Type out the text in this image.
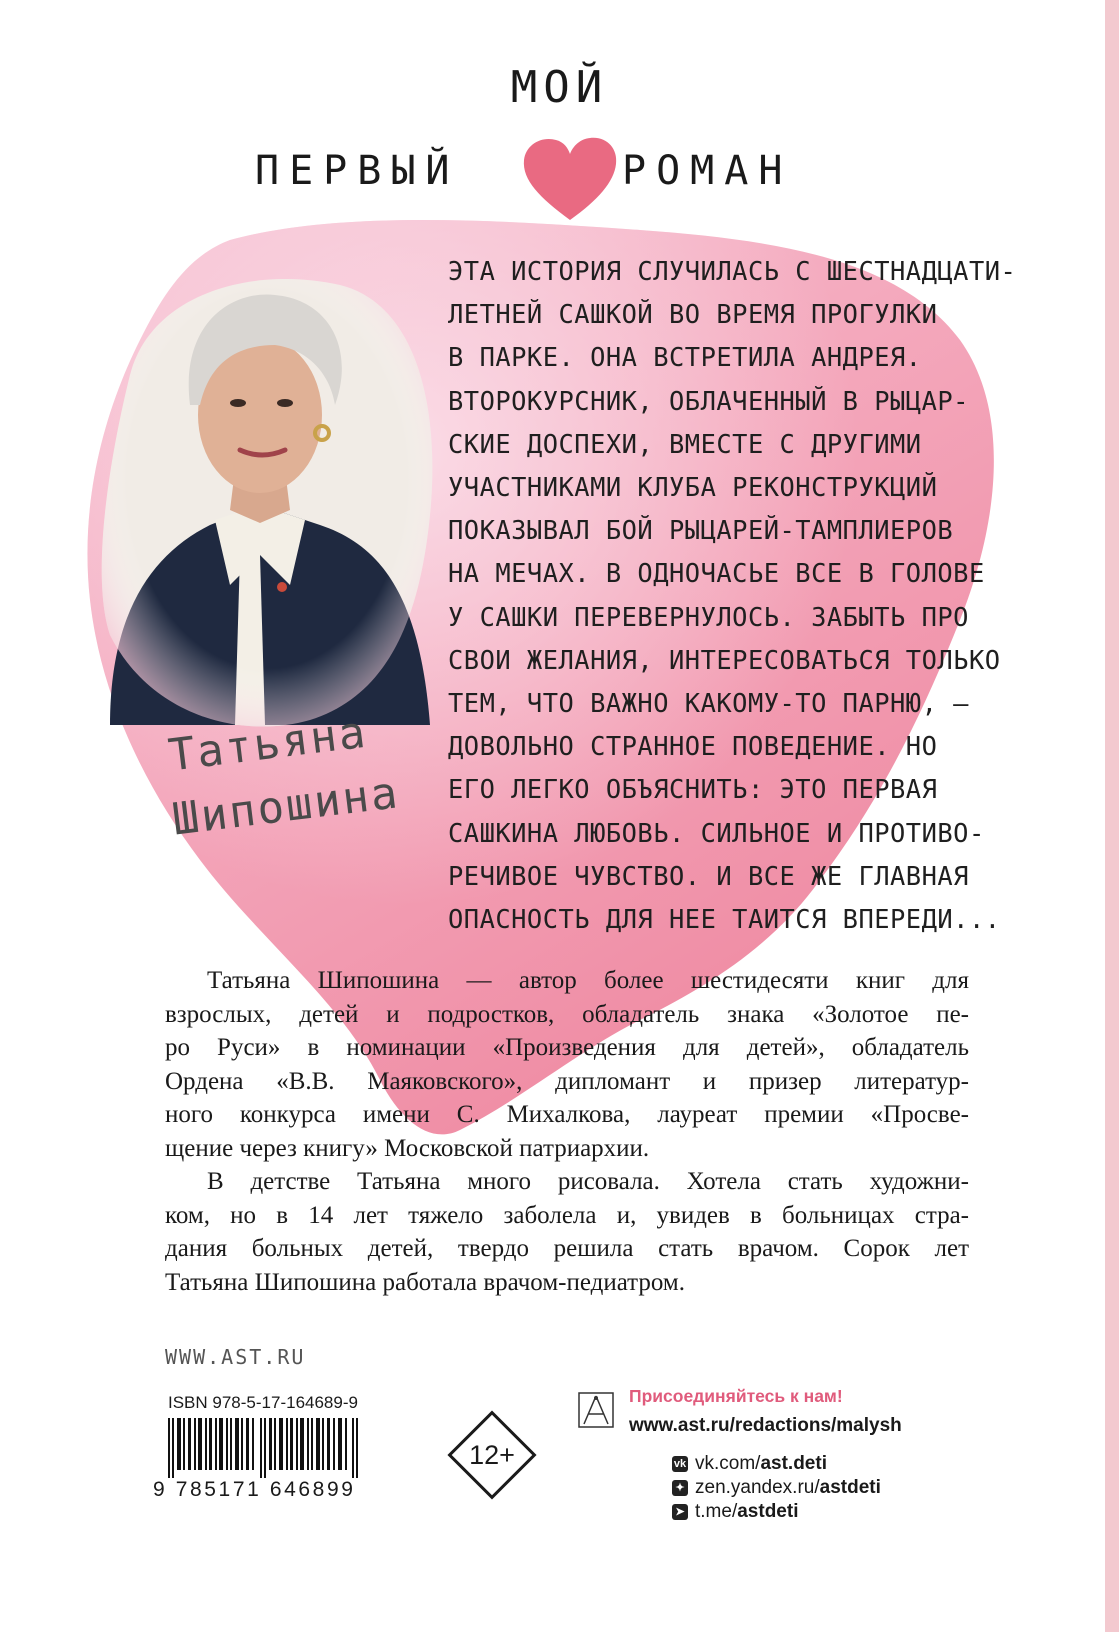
МОЙ
ПЕРВЫЙ	РОМАН
Татьяна
Шипошина
ЭТА ИСТОРИЯ СЛУЧИЛАСЬ С ШЕСТНАДЦАТИ-
ЛЕТНЕЙ САШКОЙ ВО ВРЕМЯ ПРОГУЛКИ
В ПАРКЕ. ОНА ВСТРЕТИЛА АНДРЕЯ.
ВТОРОКУРСНИК, ОБЛАЧЕННЫЙ В РЫЦАР-
СКИЕ ДОСПЕХИ, ВМЕСТЕ С ДРУГИМИ
УЧАСТНИКАМИ КЛУБА РЕКОНСТРУКЦИЙ
ПОКАЗЫВАЛ БОЙ РЫЦАРЕЙ-ТАМПЛИЕРОВ
НА МЕЧАХ. В ОДНОЧАСЬЕ ВСЕ В ГОЛОВЕ
У САШКИ ПЕРЕВЕРНУЛОСЬ. ЗАБЫТЬ ПРО
СВОИ ЖЕЛАНИЯ, ИНТЕРЕСОВАТЬСЯ ТОЛЬКО
ТЕМ, ЧТО ВАЖНО КАКОМУ-ТО ПАРНЮ, —
ДОВОЛЬНО СТРАННОЕ ПОВЕДЕНИЕ. НО
ЕГО ЛЕГКО ОБЪЯСНИТЬ: ЭТО ПЕРВАЯ
САШКИНА ЛЮБОВЬ. СИЛЬНОЕ И ПРОТИВО-
РЕЧИВОЕ ЧУВСТВО. И ВСЕ ЖЕ ГЛАВНАЯ
ОПАСНОСТЬ ДЛЯ НЕЕ ТАИТСЯ ВПЕРЕДИ...

Татьяна Шипошина — автор более шестидесяти книг для
взрослых, детей и подростков, обладатель знака «Золотое пе-
ро Руси» в номинации «Произведения для детей», обладатель
Ордена «В.В. Маяковского», дипломант и призер литератур-
ного конкурса имени С. Михалкова, лауреат премии «Просве-
щение через книгу» Московской патриархии.

В детстве Татьяна много рисовала. Хотела стать художни-
ком, но в 14 лет тяжело заболела и, увидев в больницах стра-
дания больных детей, твердо решила стать врачом. Сорок лет
Татьяна Шипошина работала врачом-педиатром.

WWW.AST.RU
ISBN 978-5-17-164689-9
9 785171 646899
12+
Присоединяйтесь к нам!
www.ast.ru/redactions/malysh
vk vk.com/ ast.deti
✦ zen.yandex.ru/ astdeti
➤ t.me/ astdeti
